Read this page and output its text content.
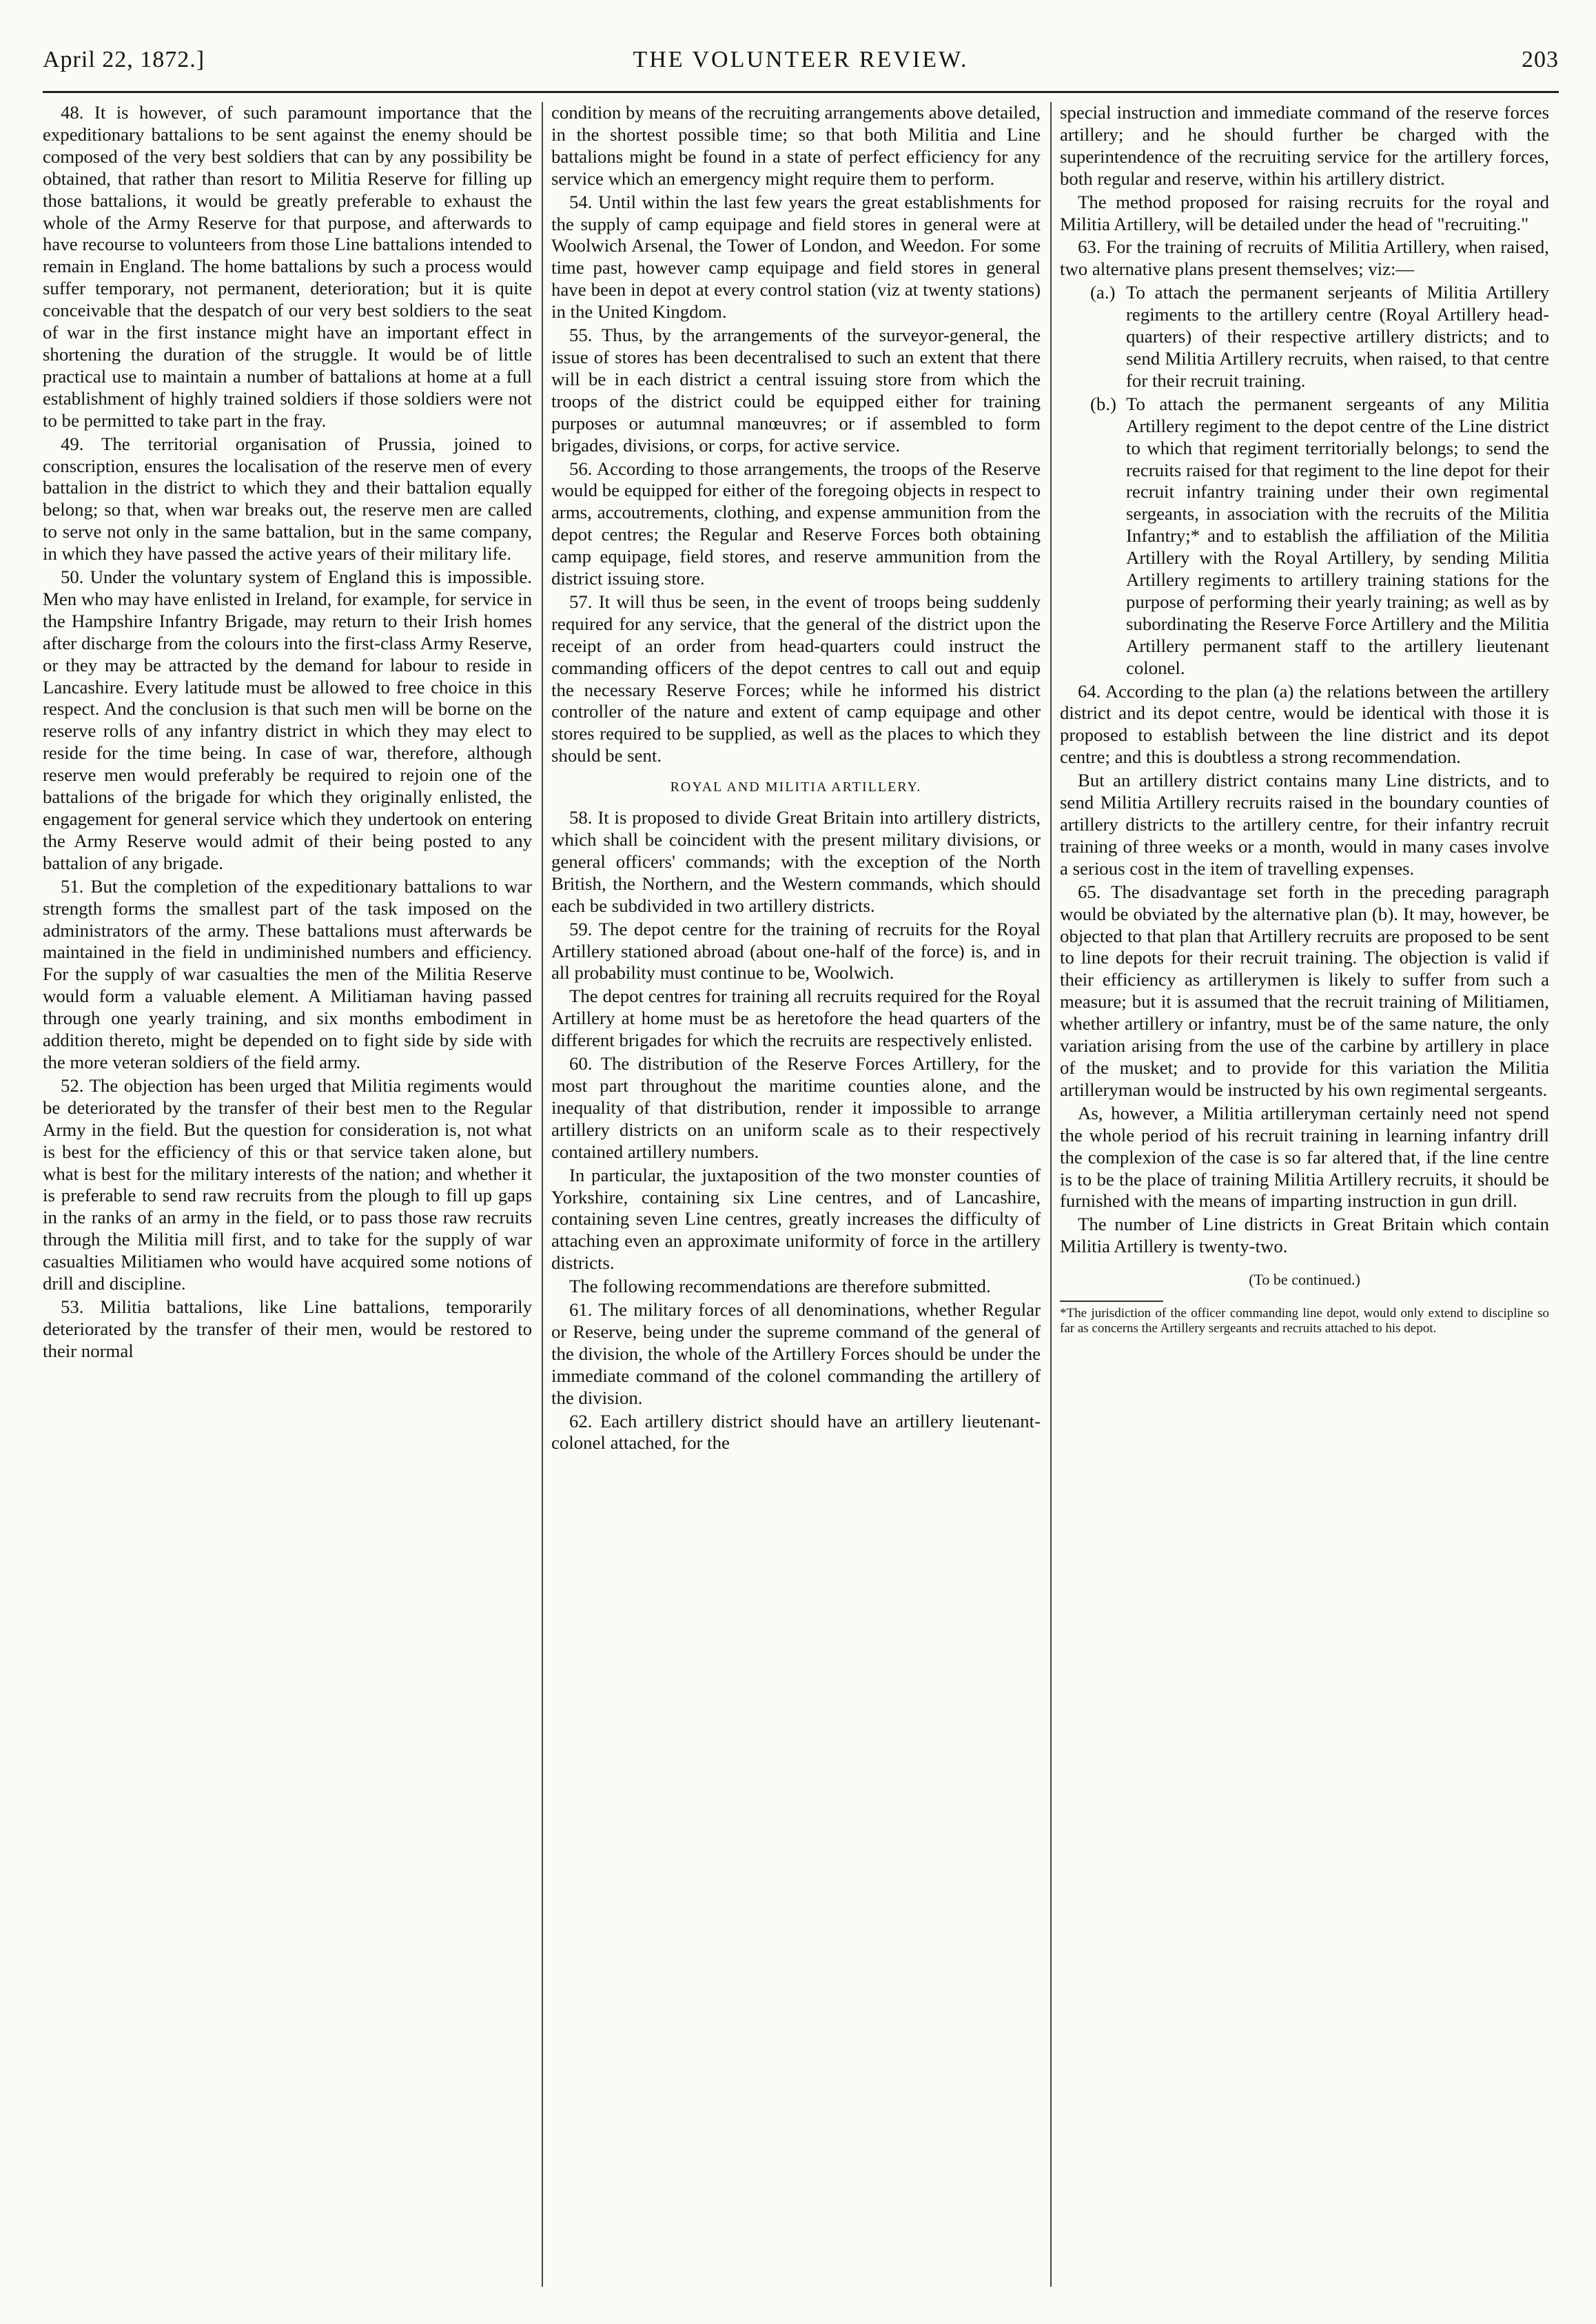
April 22, 1872.]	THE VOLUNTEER REVIEW.	203

48. It is however, of such paramount importance that the expeditionary battalions to be sent against the enemy should be composed of the very best soldiers that can by any possibility be obtained, that rather than resort to Militia Reserve for filling up those battalions, it would be greatly preferable to exhaust the whole of the Army Reserve for that purpose, and afterwards to have recourse to volunteers from those Line battalions intended to remain in England. The home battalions by such a process would suffer temporary, not permanent, deterioration; but it is quite conceivable that the despatch of our very best soldiers to the seat of war in the first instance might have an important effect in shortening the duration of the struggle. It would be of little practical use to maintain a number of battalions at home at a full establishment of highly trained soldiers if those soldiers were not to be permitted to take part in the fray.

49. The territorial organisation of Prussia, joined to conscription, ensures the localisation of the reserve men of every battalion in the district to which they and their battalion equally belong; so that, when war breaks out, the reserve men are called to serve not only in the same battalion, but in the same company, in which they have passed the active years of their military life.

50. Under the voluntary system of England this is impossible. Men who may have enlisted in Ireland, for example, for service in the Hampshire Infantry Brigade, may return to their Irish homes after discharge from the colours into the first-class Army Reserve, or they may be attracted by the demand for labour to reside in Lancashire. Every latitude must be allowed to free choice in this respect. And the conclusion is that such men will be borne on the reserve rolls of any infantry district in which they may elect to reside for the time being. In case of war, therefore, although reserve men would preferably be required to rejoin one of the battalions of the brigade for which they originally enlisted, the engagement for general service which they undertook on entering the Army Reserve would admit of their being posted to any battalion of any brigade.

51. But the completion of the expeditionary battalions to war strength forms the smallest part of the task imposed on the administrators of the army. These battalions must afterwards be maintained in the field in undiminished numbers and efficiency. For the supply of war casualties the men of the Militia Reserve would form a valuable element. A Militiaman having passed through one yearly training, and six months embodiment in addition thereto, might be depended on to fight side by side with the more veteran soldiers of the field army.

52. The objection has been urged that Militia regiments would be deteriorated by the transfer of their best men to the Regular Army in the field. But the question for consideration is, not what is best for the efficiency of this or that service taken alone, but what is best for the military interests of the nation; and whether it is preferable to send raw recruits from the plough to fill up gaps in the ranks of an army in the field, or to pass those raw recruits through the Militia mill first, and to take for the supply of war casualties Militiamen who would have acquired some notions of drill and discipline.

53. Militia battalions, like Line battalions, temporarily deteriorated by the transfer of their men, would be restored to their normal

condition by means of the recruiting arrangements above detailed, in the shortest possible time; so that both Militia and Line battalions might be found in a state of perfect efficiency for any service which an emergency might require them to perform.

54. Until within the last few years the great establishments for the supply of camp equipage and field stores in general were at Woolwich Arsenal, the Tower of London, and Weedon. For some time past, however camp equipage and field stores in general have been in depot at every control station (viz at twenty stations) in the United Kingdom.

55. Thus, by the arrangements of the surveyor-general, the issue of stores has been decentralised to such an extent that there will be in each district a central issuing store from which the troops of the district could be equipped either for training purposes or autumnal manœuvres; or if assembled to form brigades, divisions, or corps, for active service.

56. According to those arrangements, the troops of the Reserve would be equipped for either of the foregoing objects in respect to arms, accoutrements, clothing, and expense ammunition from the depot centres; the Regular and Reserve Forces both obtaining camp equipage, field stores, and reserve ammunition from the district issuing store.

57. It will thus be seen, in the event of troops being suddenly required for any service, that the general of the district upon the receipt of an order from head-quarters could instruct the commanding officers of the depot centres to call out and equip the necessary Reserve Forces; while he informed his district controller of the nature and extent of camp equipage and other stores required to be supplied, as well as the places to which they should be sent.

ROYAL AND MILITIA ARTILLERY.

58. It is proposed to divide Great Britain into artillery districts, which shall be coincident with the present military divisions, or general officers' commands; with the exception of the North British, the Northern, and the Western commands, which should each be subdivided in two artillery districts.

59. The depot centre for the training of recruits for the Royal Artillery stationed abroad (about one-half of the force) is, and in all probability must continue to be, Woolwich.

The depot centres for training all recruits required for the Royal Artillery at home must be as heretofore the head quarters of the different brigades for which the recruits are respectively enlisted.

60. The distribution of the Reserve Forces Artillery, for the most part throughout the maritime counties alone, and the inequality of that distribution, render it impossible to arrange artillery districts on an uniform scale as to their respectively contained artillery numbers.

In particular, the juxtaposition of the two monster counties of Yorkshire, containing six Line centres, and of Lancashire, containing seven Line centres, greatly increases the difficulty of attaching even an approximate uniformity of force in the artillery districts.

The following recommendations are therefore submitted.

61. The military forces of all denominations, whether Regular or Reserve, being under the supreme command of the general of the division, the whole of the Artillery Forces should be under the immediate command of the colonel commanding the artillery of the division.

62. Each artillery district should have an artillery lieutenant-colonel attached, for the

special instruction and immediate command of the reserve forces artillery; and he should further be charged with the superintendence of the recruiting service for the artillery forces, both regular and reserve, within his artillery district.

The method proposed for raising recruits for the royal and Militia Artillery, will be detailed under the head of "recruiting."

63. For the training of recruits of Militia Artillery, when raised, two alternative plans present themselves; viz:—

(a.) To attach the permanent serjeants of Militia Artillery regiments to the artillery centre (Royal Artillery head-quarters) of their respective artillery districts; and to send Militia Artillery recruits, when raised, to that centre for their recruit training.
(b.) To attach the permanent sergeants of any Militia Artillery regiment to the depot centre of the Line district to which that regiment territorially belongs; to send the recruits raised for that regiment to the line depot for their recruit infantry training under their own regimental sergeants, in association with the recruits of the Militia Infantry;* and to establish the affiliation of the Militia Artillery with the Royal Artillery, by sending Militia Artillery regiments to artillery training stations for the purpose of performing their yearly training; as well as by subordinating the Reserve Force Artillery and the Militia Artillery permanent staff to the artillery lieutenant colonel.

64. According to the plan (a) the relations between the artillery district and its depot centre, would be identical with those it is proposed to establish between the line district and its depot centre; and this is doubtless a strong recommendation.

But an artillery district contains many Line districts, and to send Militia Artillery recruits raised in the boundary counties of artillery districts to the artillery centre, for their infantry recruit training of three weeks or a month, would in many cases involve a serious cost in the item of travelling expenses.

65. The disadvantage set forth in the preceding paragraph would be obviated by the alternative plan (b). It may, however, be objected to that plan that Artillery recruits are proposed to be sent to line depots for their recruit training. The objection is valid if their efficiency as artillerymen is likely to suffer from such a measure; but it is assumed that the recruit training of Militiamen, whether artillery or infantry, must be of the same nature, the only variation arising from the use of the carbine by artillery in place of the musket; and to provide for this variation the Militia artilleryman would be instructed by his own regimental sergeants.

As, however, a Militia artilleryman certainly need not spend the whole period of his recruit training in learning infantry drill the complexion of the case is so far altered that, if the line centre is to be the place of training Militia Artillery recruits, it should be furnished with the means of imparting instruction in gun drill.

The number of Line districts in Great Britain which contain Militia Artillery is twenty-two.

(To be continued.)
*The jurisdiction of the officer commanding line depot, would only extend to discipline so far as concerns the Artillery sergeants and recruits attached to his depot.
